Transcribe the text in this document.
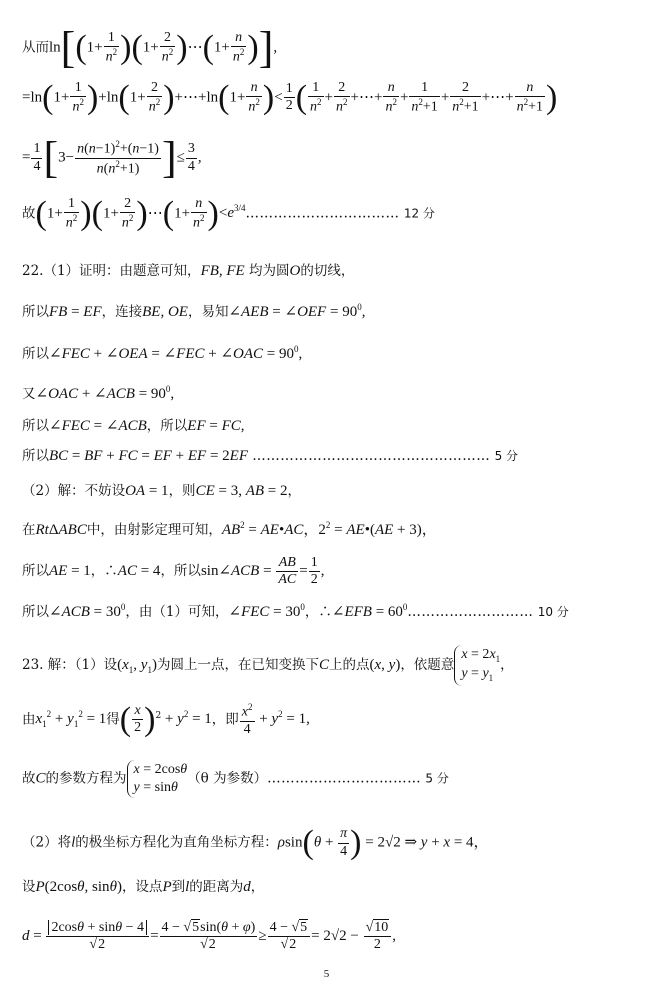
从而$\ln[(1+ \frac{1}{n^2} )(1+ \frac{2}{n^2}$ )⋯(1+ $\frac{n}{n^2}$ )],
$=\ln(1+ \frac{1}{n^2} )+\ln(1+ \frac{2}{n^2}$ )+⋯+ln(1+ $\frac{n}{n^2}$ )< $\frac{1}{2}$ ( $\frac{1}{n^2} + \frac{2}{n^2}$ +⋯+ $\frac{n}{n^2} + \frac{1}{n^2+1} + \frac{2}{n^2+1}$ +⋯+ $\frac{n}{n^2+1}$ )
= $\frac{1}{4} [3- \frac{n(n-1)^2+(n-1)}{n(n^2+1)}$ ]≤ $\frac{3}{4}$ ,
故$(1+ \frac{1}{n^2} )(1+ \frac{2}{n^2}$ )⋯(1+ $\frac{n}{n^2}$ )$<e^{3/4}\dots\dots\dots\dots\dots\dots\dots\dots\dots\dots\dots$ 12 分
22.（1）证明：由题意可知，FB, FE 均为圆O的切线，
所以FB = EF，连接BE, OE，易知∠AEB = ∠OEF = $90^0$,
所以∠FEC + ∠OEA = ∠FEC + ∠OAC = $90^0$,
又∠OAC + ∠ACB = $90^0$,
所以∠FEC = ∠ACB，所以EF = FC,
所以BC = BF + FC = EF + EF = 2EF …………………………………………… 5 分
（2）解：不妨设OA = 1，则CE = 3, AB = 2，
在RtΔABC中，由射影定理可知，$AB^2$ = AE•AC，$2^2$ = AE•(AE + 3)，
所以AE = 1，∴AC = 4，所以sin∠ACB = $\frac{AB}{AC} = \frac{1}{2}$ ,
所以∠ACB = $30^0$，由（1）可知，∠FEC = $30^0$，∴∠EFB = $60^0\dots\dots\dots\dots\dots\dots\dots\dots\dots$ 10 分
23. 解：（1）设($x_1$, $y_1$)为圆上一点，在已知变换下C上的点(x, y)，依题意
$x = 2x_1$
$y = y_1$
，
由$x_1^2 + y_1^2 = 1$得( $\frac{x}{2} )^2 + y^2 = 1$，即 $\frac{x^2}{4} + y^2 = 1$,
故C的参数方程为
x = 2cosθ
y = sinθ
（θ 为参数）…………………………… 5 分
（2）将l的极坐标方程化为直角坐标方程：$\rho\sin(\theta + \frac{\pi}{4}$ ) = 2√2 ⇒ y + x = 4，
设P(2cosθ, sinθ)，设点P到l的距离为d，
$d = \frac{2\cos\theta + \sin\theta - 4}{√2} = \frac{4 - √5\sin(\theta + \varphi)}{√2} \ge \frac{4 - √5}{√2} = 2√2 - \frac{√10}{2}$ ,
5
